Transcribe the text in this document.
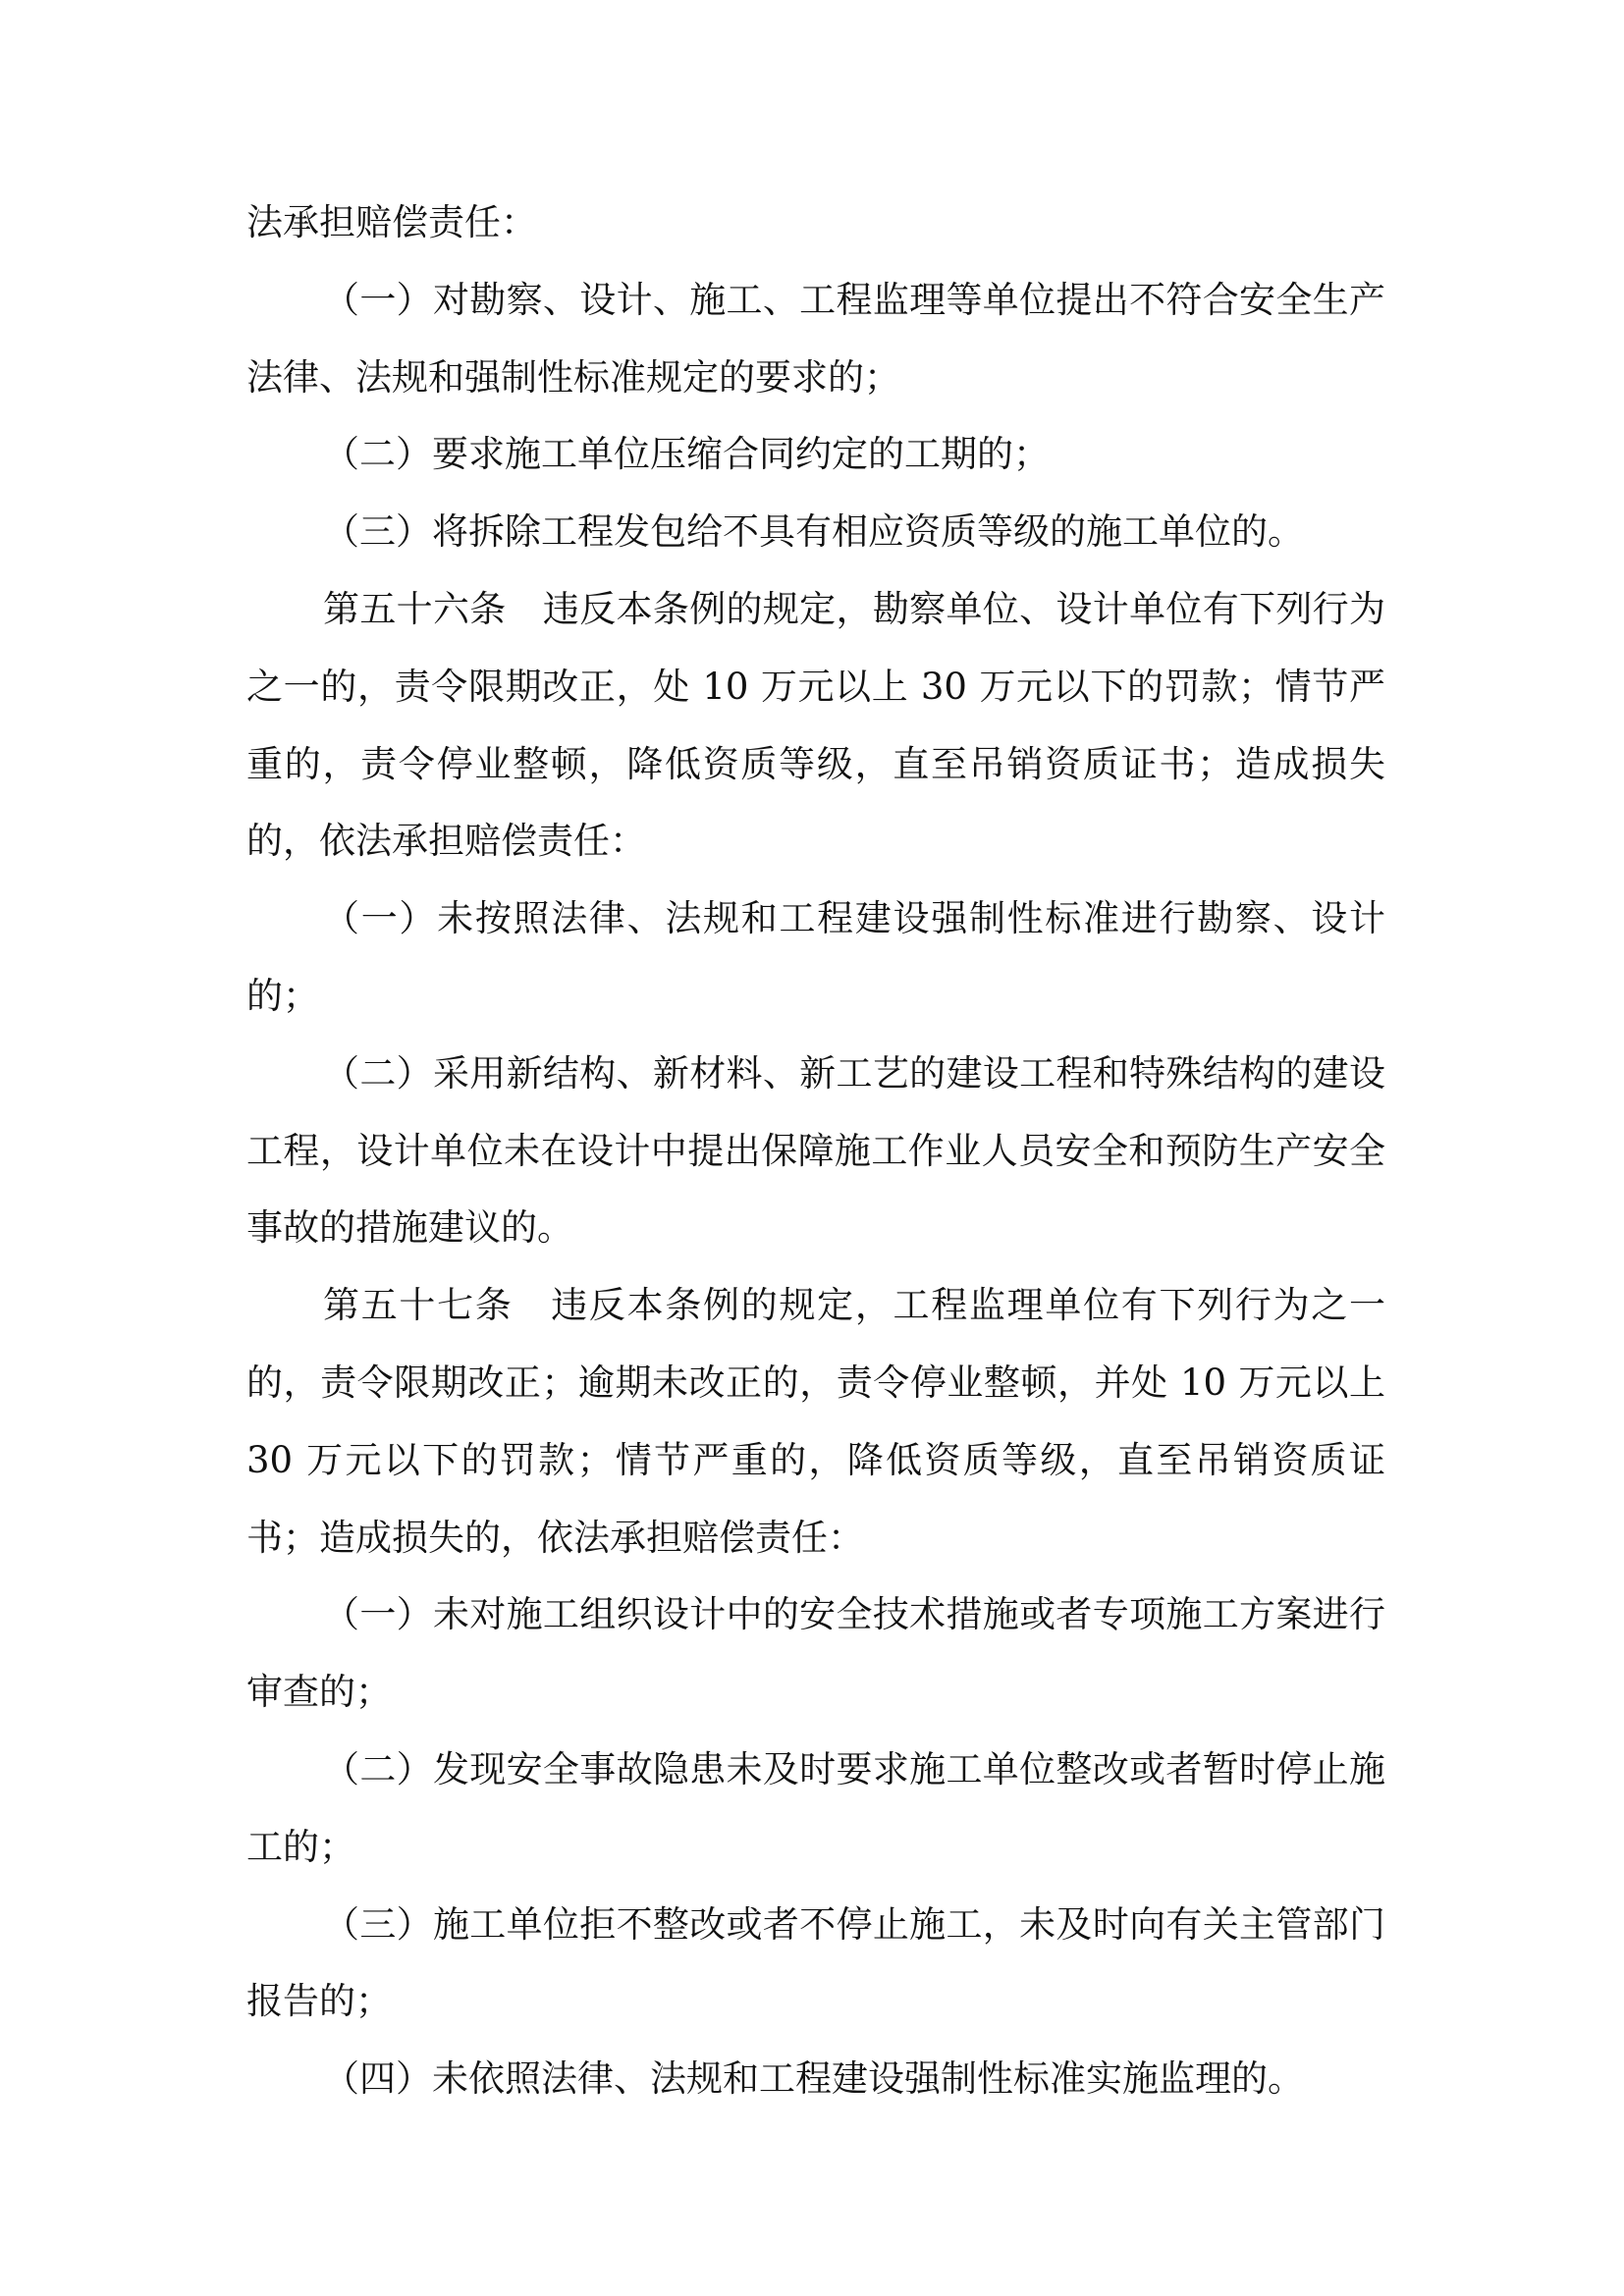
法承担赔偿责任：

（一）对勘察、设计、施工、工程监理等单位提出不符合安全生产法律、法规和强制性标准规定的要求的；

（二）要求施工单位压缩合同约定的工期的；

（三）将拆除工程发包给不具有相应资质等级的施工单位的。

第五十六条　违反本条例的规定，勘察单位、设计单位有下列行为之一的，责令限期改正，处 10 万元以上 30 万元以下的罚款；情节严重的，责令停业整顿，降低资质等级，直至吊销资质证书；造成损失的，依法承担赔偿责任：

（一）未按照法律、法规和工程建设强制性标准进行勘察、设计的；

（二）采用新结构、新材料、新工艺的建设工程和特殊结构的建设工程，设计单位未在设计中提出保障施工作业人员安全和预防生产安全事故的措施建议的。

第五十七条　违反本条例的规定，工程监理单位有下列行为之一的，责令限期改正；逾期未改正的，责令停业整顿，并处 10 万元以上 30 万元以下的罚款；情节严重的，降低资质等级，直至吊销资质证书；造成损失的，依法承担赔偿责任：

（一）未对施工组织设计中的安全技术措施或者专项施工方案进行审查的；

（二）发现安全事故隐患未及时要求施工单位整改或者暂时停止施工的；

（三）施工单位拒不整改或者不停止施工，未及时向有关主管部门报告的；

（四）未依照法律、法规和工程建设强制性标准实施监理的。
